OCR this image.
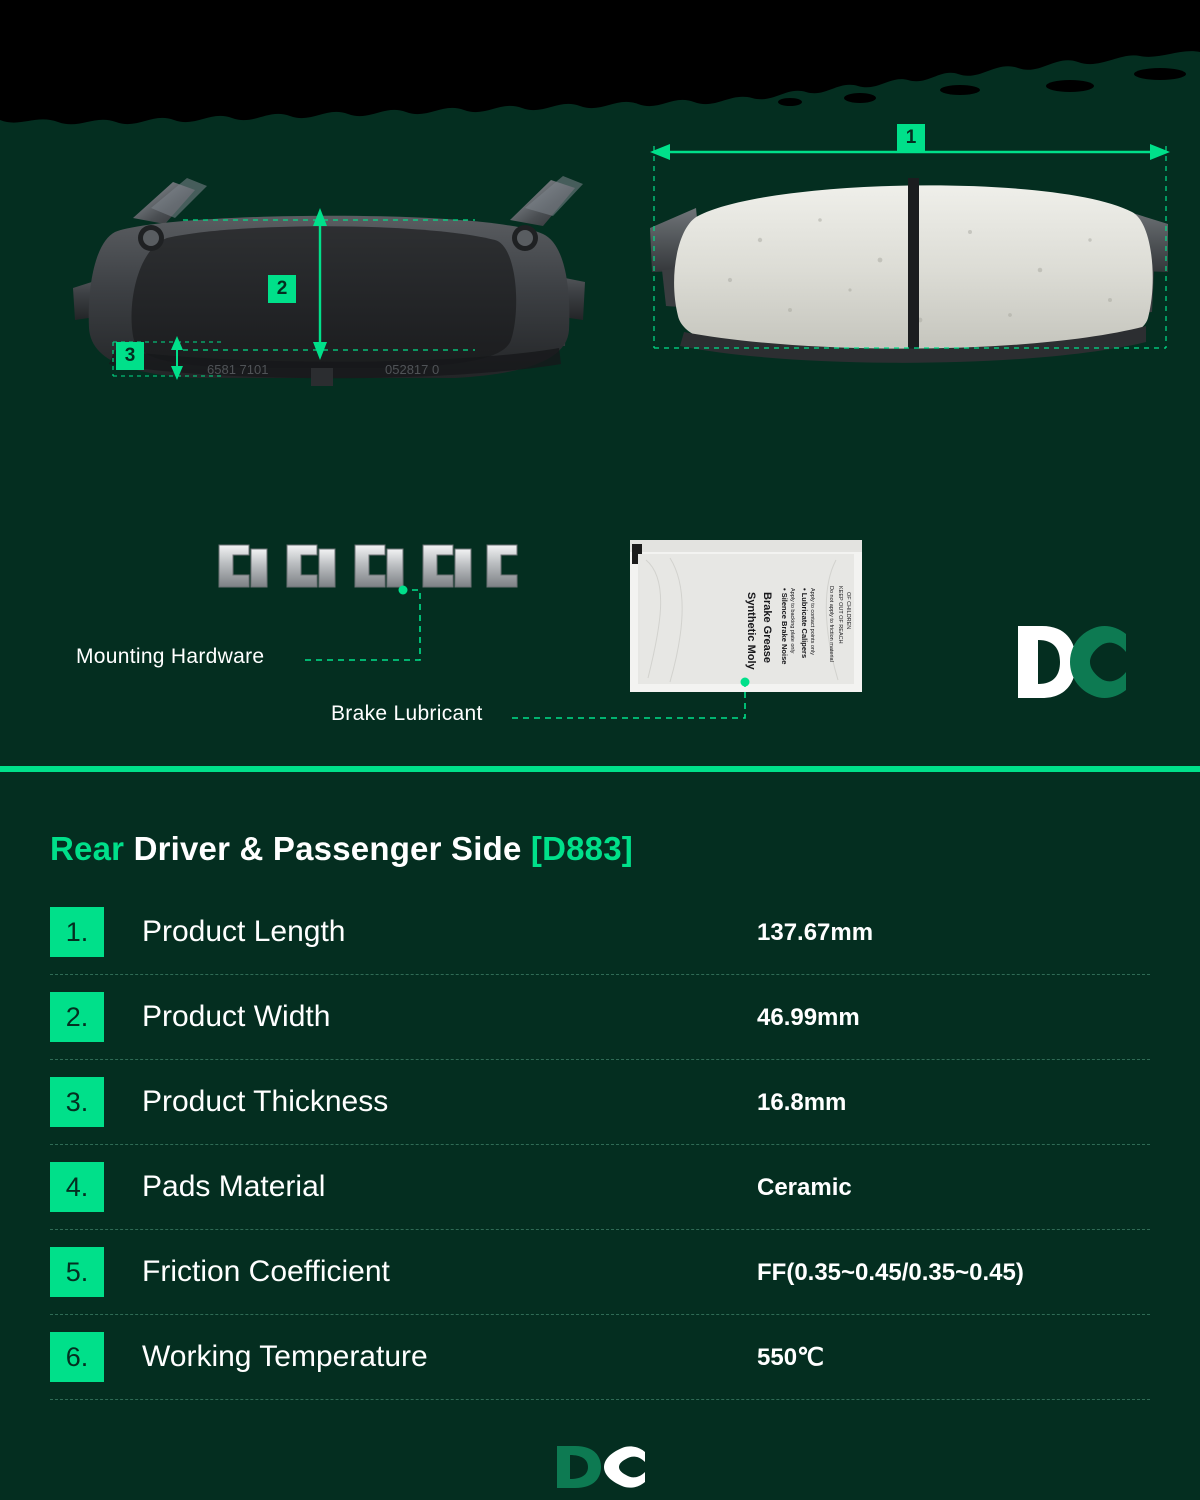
6581 7101	052817 0
2
3
1
Synthetic Moly Brake Grease • Silence Brake Noise Apply to backing plate only • Lubricate Calipers Apply to contact points only Do not apply to friction material KEEP OUT OF REACH OF CHILDREN
Mounting Hardware
Brake Lubricant
Rear Driver & Passenger Side [D883]
1.	Product Length	137.67mm
2.	Product Width	46.99mm
3.	Product Thickness	16.8mm
4.	Pads Material	Ceramic
5.	Friction Coefficient	FF(0.35~0.45/0.35~0.45)
6.	Working Temperature	550℃
